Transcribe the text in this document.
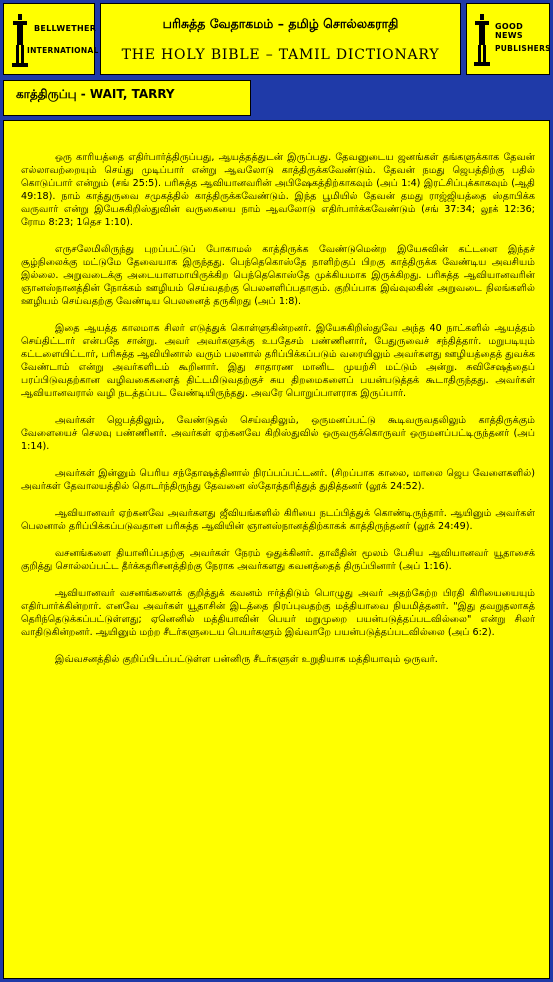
BELLWETHER
INTERNATIONAL
பரிசுத்த வேதாகமம் – தமிழ் சொல்லகராதி
THE HOLY BIBLE – TAMIL DICTIONARY
GOOD NEWS
PUBLISHERS
காத்திருப்பு - WAIT, TARRY

ஒரு காரியத்தை எதிர்பார்த்திருப்பது, ஆயத்தத்துடன் இருப்பது. தேவனுடைய ஜனங்கள் தங்களுக்காக தேவன் எல்லாவற்றையும் செய்து முடிப்பார் என்று ஆவலோடு காத்திருக்கவேண்டும். தேவன் நமது ஜெபத்திற்கு பதில் கொடுப்பார் என்றும் (சங் 25:5). பரிசுத்த ஆவியானவரின் அபிஷேகத்திற்காகவும் (அப் 1:4) இரட்சிப்புக்காகவும் (ஆதி 49:18). நாம் காத்துருவை சமுகத்தில் காத்திருக்கவேண்டும். இந்த பூமியில் தேவன் தமது ராஜ்ஜியத்தை ஸ்தாபிக்க வருவார் என்று இயேசுகிறிஸ்துவின் வருகையை நாம் ஆவலோடு எதிர்பார்க்கவேண்டும் (சங் 37:34; லூக் 12:36; ரோம 8:23; 1தெச 1:10).

எருசலேமிலிருந்து புறப்பட்டுப் போகாமல் காத்திருக்க வேண்டுமென்ற இயேசுவின் கட்டளை இந்தச் சூழ்நிலைக்கு மட்டுமே தேவையாக இருந்தது. பெந்தெகொஸ்தே நாளிற்குப் பிறகு காத்திருக்க வேண்டிய அவசியம் இல்லை. அறுவடைக்கு அடையாளமாயிருக்கிற பெந்தெகொஸ்தே முக்கியமாக இருக்கிறது. பரிசுத்த ஆவியானவரின் ஞானஸ்நானத்தின் நோக்கம் ஊழியம் செய்வதற்கு பெலனளிப்பதாகும். குறிப்பாக இவ்வுலகின் அறுவடை நிலங்களில் ஊழியம் செய்வதற்கு வேண்டிய பெலனைத் தருகிறது (அப் 1:8).

இதை ஆயத்த காலமாக சிலர் எடுத்துக் கொள்ளுகின்றனர். இயேசுகிறிஸ்துவே அந்த 40 நாட்களில் ஆயத்தம் செய்திட்டார் என்பதே சான்று. அவர் அவர்களுக்கு உபதேசம் பண்ணினார், பேதுருவைச் சந்தித்தார். மறுபடியும் கட்டளையிட்டார், பரிசுத்த ஆவியினால் வரும் பலனால் தரிப்பிக்கப்படும் வரையிலும் அவர்களது ஊழியத்தைத் துவக்க வேண்டாம் என்று அவர்களிடம் கூறினார். இது சாதாரண மானிட முயற்சி மட்டும் அன்று. சுவிசேஷத்தைப் பரப்பிடுவதற்கான வழிவகைகளைத் திட்டமிடுவதற்குச் சுய திறமைகளைப் பயன்படுத்தக் கூடாதிருந்தது. அவர்கள் ஆவியானவரால் வழி நடத்தப்பட வேண்டியிருந்தது. அவரே பொறுப்பாளராக இருப்பார்.

அவர்கள் ஜெபத்திலும், வேண்டுதல் செய்வதிலும், ஒருமனப்பட்டு கூடிவருவதலிலும் காத்திருக்கும் வேளையைச் செலவு பண்ணினர். அவர்கள் ஏற்கனவே கிறிஸ்துவில் ஒருவருக்கொருவர் ஒருமனப்பட்டிருந்தனர் (அப் 1:14).

அவர்கள் இன்னும் பெரிய சந்தோஷத்தினால் நிரப்பப்பட்டனர். (சிறப்பாக காலை, மாலை ஜெப வேளைகளில்) அவர்கள் தேவாலயத்தில் தொடர்ந்திருந்து தேவனை ஸ்தோத்தரித்துத் துதித்தனர் (லூக் 24:52).

ஆவியானவர் ஏற்கனவே அவர்களது ஜீவியங்களில் கிரியை நடப்பித்துக் கொண்டிருந்தார். ஆயினும் அவர்கள் பெலனால் தரிப்பிக்கப்படுவதான பரிசுத்த ஆவியின் ஞானஸ்நானத்திற்காகக் காத்திருந்தனர் (லூக் 24:49).

வசனங்களை தியானிப்பதற்கு அவர்கள் நேரம் ஒதுக்கினர். தாவீதின் மூலம் பேசிய ஆவியானவர் யூதாசைக் குறித்து சொல்லப்பட்ட தீர்க்கதரிசனத்திற்கு நேராக அவர்களது கவனத்தைத் திருப்பினார் (அப் 1:16).

ஆவியானவர் வசனங்களைக் குறித்துக் கவனம் ஈர்த்திடும் பொழுது அவர் அதற்கேற்ற பிரதி கிரியையையும் எதிர்பார்க்கின்றார். எனவே அவர்கள் யூதாசின் இடத்தை நிரப்புவதற்கு மத்தியாவை நியமித்தனர். "இது தவறுதலாகத் தெரிந்தெடுக்கப்பட்டுள்ளது; ஏனெனில் மத்தியாவின் பெயர் மறுமுறை பயன்படுத்தப்படவில்லை" என்று சிலர் வாதிடுகின்றனர். ஆயினும் மற்ற சீடர்களுடைய பெயர்களும் இவ்வாறே பயன்படுத்தப்படவில்லை (அப் 6:2).

இவ்வசனத்தில் குறிப்பிடப்பட்டுள்ள பன்னிரு சீடர்களுள் உறுதியாக மத்தியாவும் ஒருவர்.
